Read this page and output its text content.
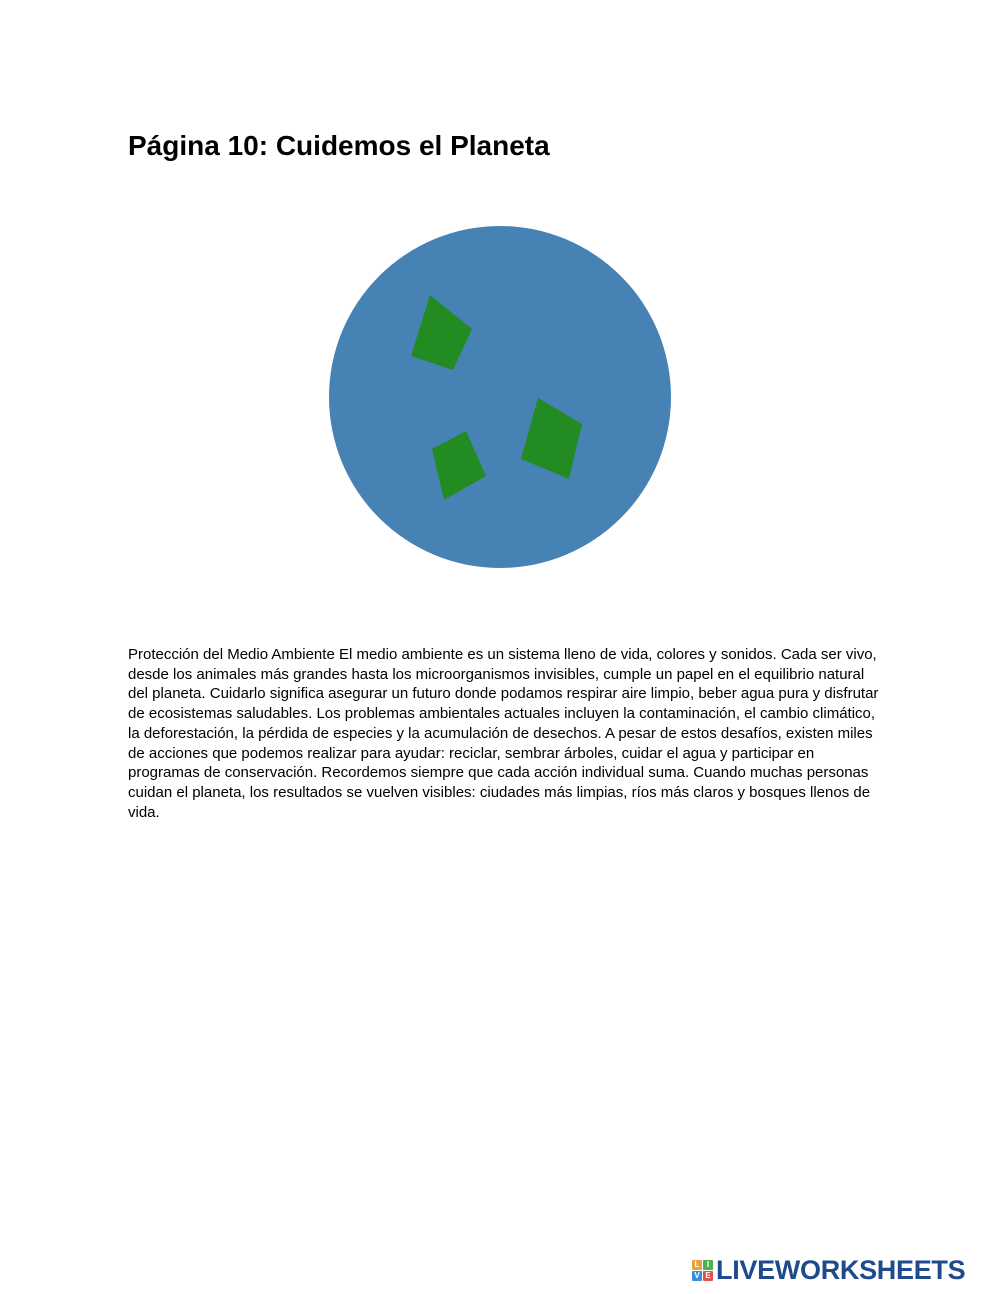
Página 10: Cuidemos el Planeta

Protección del Medio Ambiente El medio ambiente es un sistema lleno de vida, colores y sonidos. Cada ser vivo, desde los animales más grandes hasta los microorganismos invisibles, cumple un papel en el equilibrio natural del planeta. Cuidarlo significa asegurar un futuro donde podamos respirar aire limpio, beber agua pura y disfrutar de ecosistemas saludables. Los problemas ambientales actuales incluyen la contaminación, el cambio climático, la deforestación, la pérdida de especies y la acumulación de desechos. A pesar de estos desafíos, existen miles de acciones que podemos realizar para ayudar: reciclar, sembrar árboles, cuidar el agua y participar en programas de conservación. Recordemos siempre que cada acción individual suma. Cuando muchas personas cuidan el planeta, los resultados se vuelven visibles: ciudades más limpias, ríos más claros y bosques llenos de vida.

L I
V E LIVEWORKSHEETS
